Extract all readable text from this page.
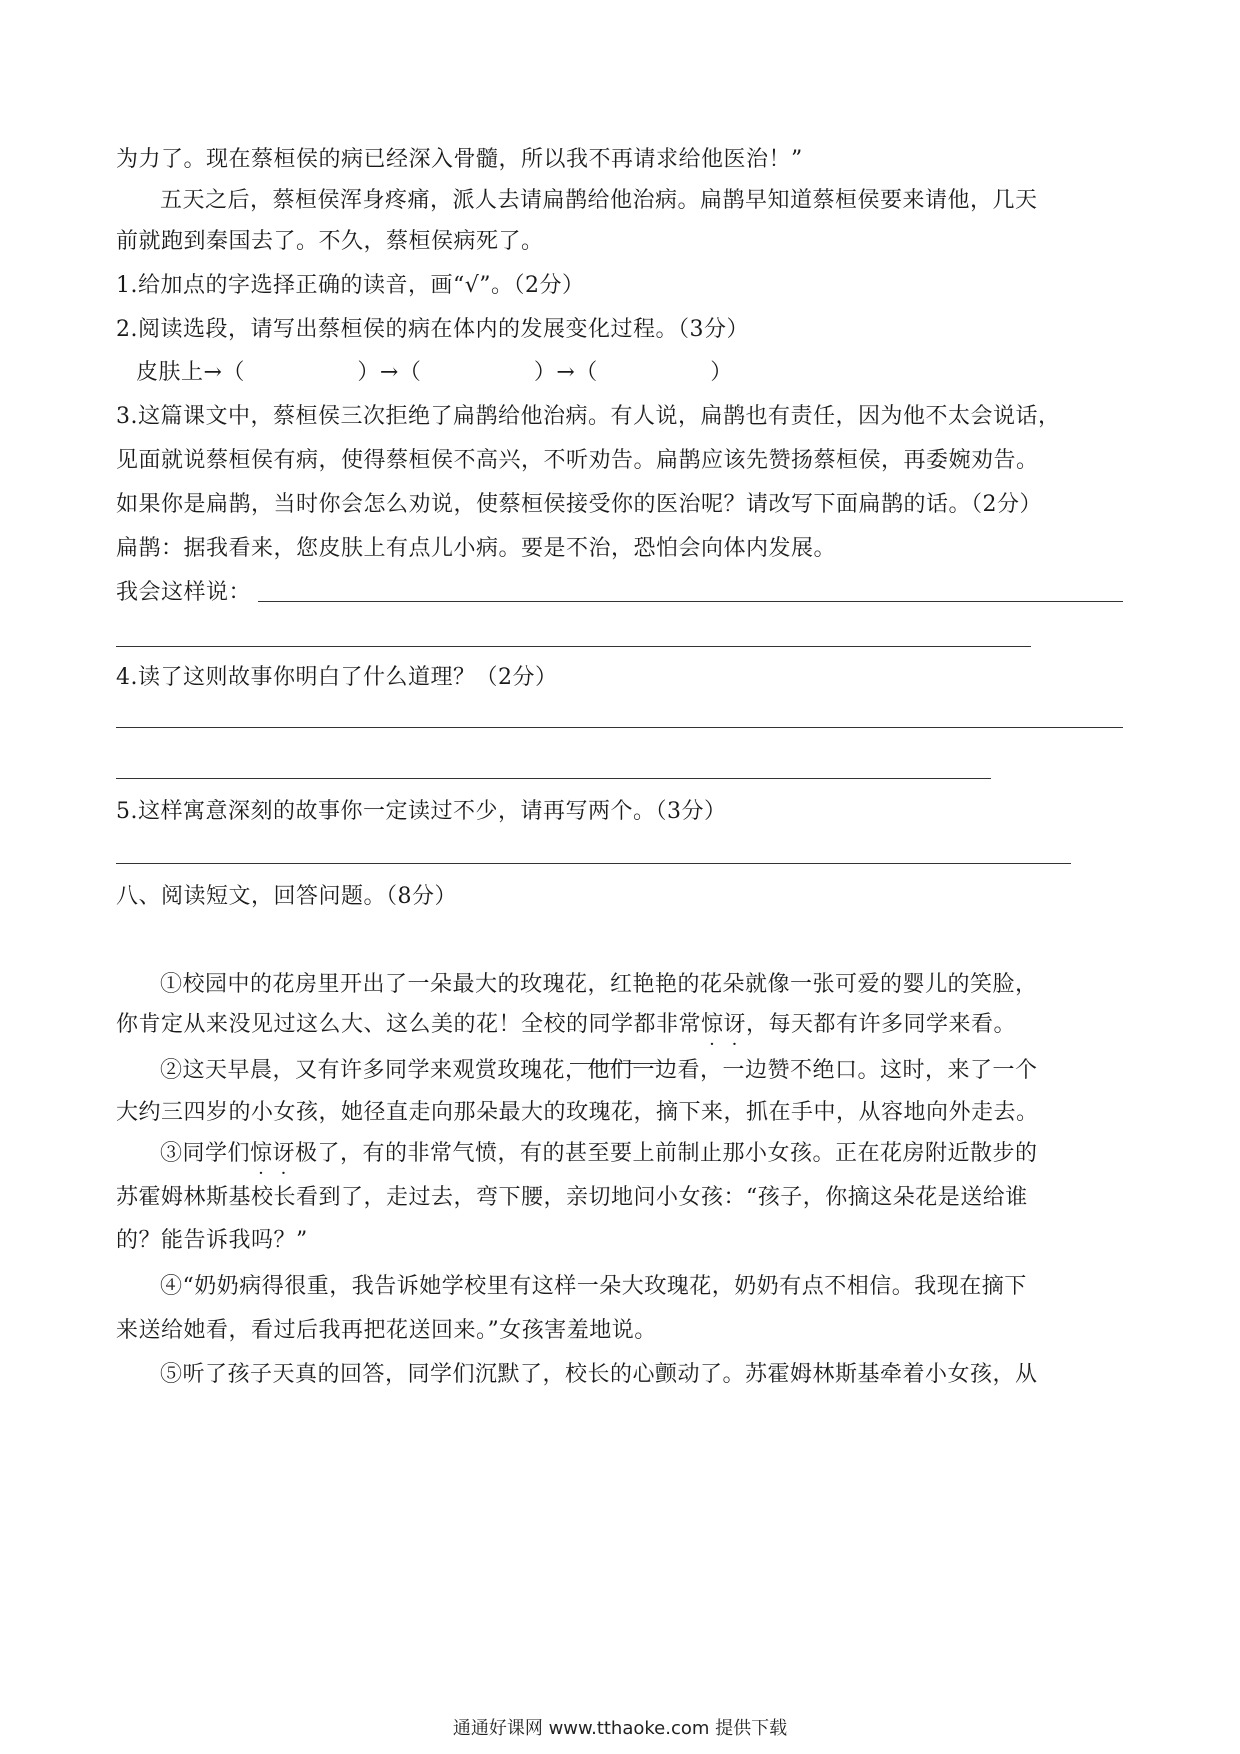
为力了。现在蔡桓侯的病已经深入骨髓，所以我不再请求给他医治！”
五天之后，蔡桓侯浑身疼痛，派人去请扁鹊给他治病。扁鹊早知道蔡桓侯要来请他，几天
前就跑到秦国去了。不久，蔡桓侯病死了。
1.给加点的字选择正确的读音，画“√”。（2分）
2.阅读选段，请写出蔡桓侯的病在体内的发展变化过程。（3分）
皮肤上→（　　　　　）→（　　　　　）→（　　　　　）
3.这篇课文中，蔡桓侯三次拒绝了扁鹊给他治病。有人说，扁鹊也有责任，因为他不太会说话，
见面就说蔡桓侯有病，使得蔡桓侯不高兴，不听劝告。扁鹊应该先赞扬蔡桓侯，再委婉劝告。
如果你是扁鹊，当时你会怎么劝说，使蔡桓侯接受你的医治呢？请改写下面扁鹊的话。（2分）
扁鹊：据我看来，您皮肤上有点儿小病。要是不治，恐怕会向体内发展。
我会这样说：
4.读了这则故事你明白了什么道理？（2分）
5.这样寓意深刻的故事你一定读过不少，请再写两个。（3分）
八、阅读短文，回答问题。（8分）
①校园中的花房里开出了一朵最大的玫瑰花，红艳艳的花朵就像一张可爱的婴儿的笑脸，
你肯定从来没见过这么大、这么美的花！全校的同学都非常惊讶，每天都有许多同学来看。
②这天早晨，又有许多同学来观赏玫瑰花，他们一边看，一边赞不绝口。这时，来了一个
大约三四岁的小女孩，她径直走向那朵最大的玫瑰花，摘下来，抓在手中，从容地向外走去。
③同学们惊讶极了，有的非常气愤，有的甚至要上前制止那小女孩。正在花房附近散步的
苏霍姆林斯基校长看到了，走过去，弯下腰，亲切地问小女孩：“孩子，你摘这朵花是送给谁
的？能告诉我吗？”
④“奶奶病得很重，我告诉她学校里有这样一朵大玫瑰花，奶奶有点不相信。我现在摘下
来送给她看，看过后我再把花送回来。”女孩害羞地说。
⑤听了孩子天真的回答，同学们沉默了，校长的心颤动了。苏霍姆林斯基牵着小女孩，从
通通好课网 www.tthaoke.com 提供下载
